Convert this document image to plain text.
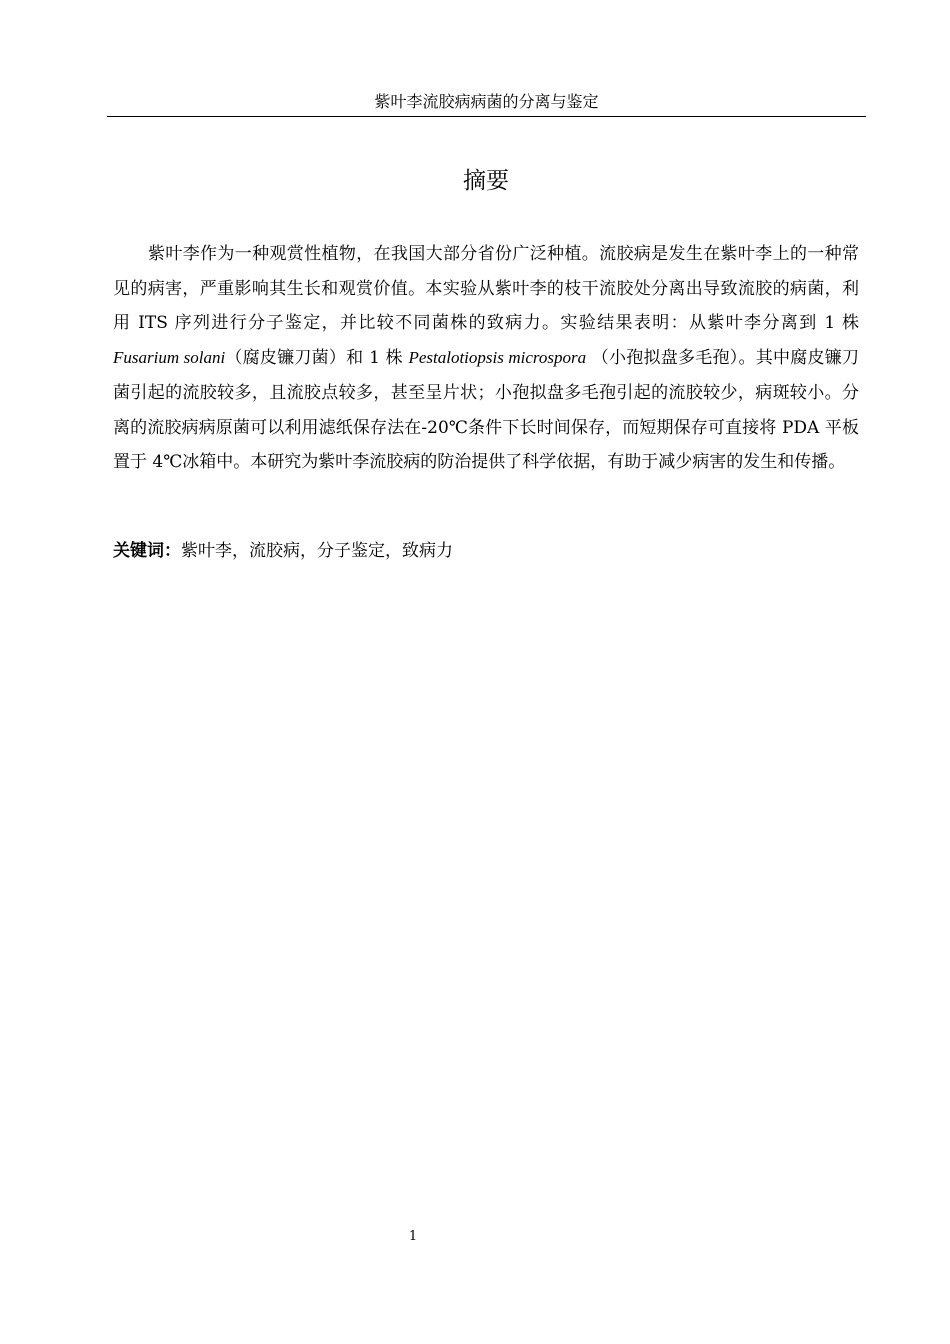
紫叶李流胶病病菌的分离与鉴定
摘要

紫叶李作为一种观赏性植物，在我国大部分省份广泛种植。流胶病是发生在紫叶李上的一种常见的病害，严重影响其生长和观赏价值。本实验从紫叶李的枝干流胶处分离出导致流胶的病菌，利用 ITS 序列进行分子鉴定，并比较不同菌株的致病力。实验结果表明：从紫叶李分离到 1 株 Fusarium solani（腐皮镰刀菌）和 1 株 Pestalotiopsis microspora （小孢拟盘多毛孢）。其中腐皮镰刀菌引起的流胶较多，且流胶点较多，甚至呈片状；小孢拟盘多毛孢引起的流胶较少，病斑较小。分离的流胶病病原菌可以利用滤纸保存法在-20℃条件下长时间保存，而短期保存可直接将 PDA 平板置于 4℃冰箱中。本研究为紫叶李流胶病的防治提供了科学依据，有助于减少病害的发生和传播。

关键词：紫叶李，流胶病，分子鉴定，致病力

1
